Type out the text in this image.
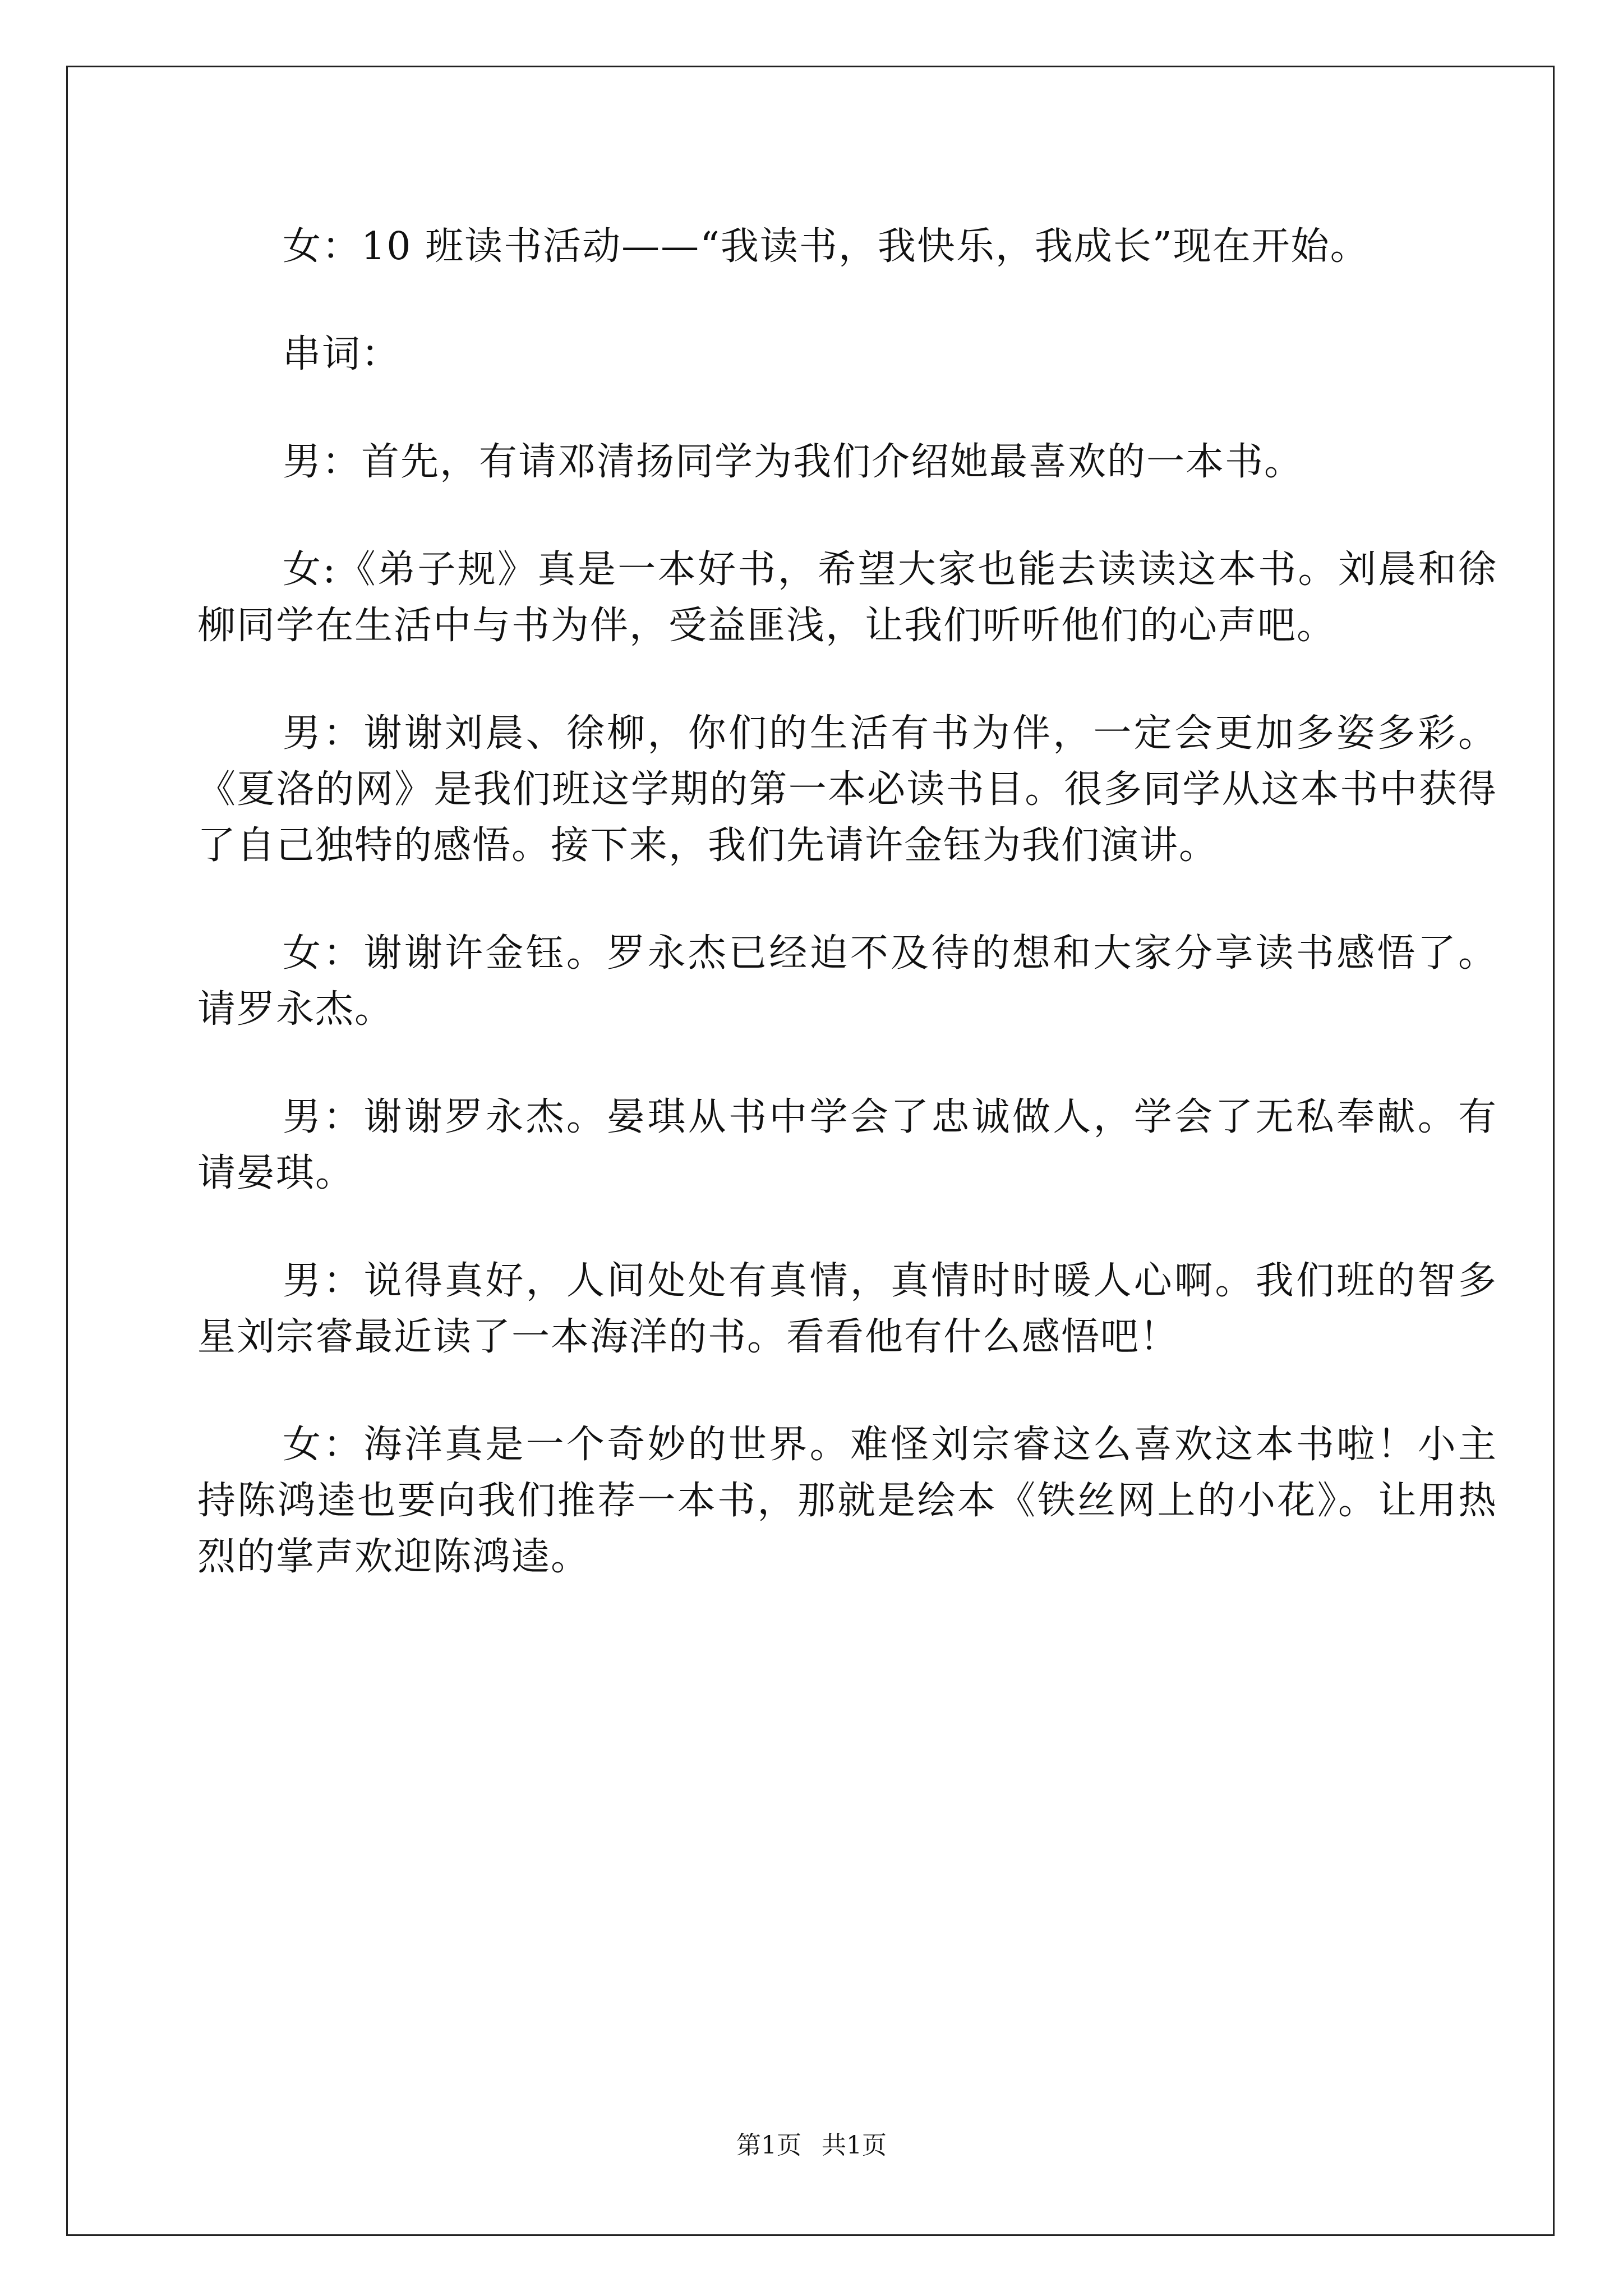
女：10 班读书活动——“我读书，我快乐，我成长”现在开始。

串词：

男：首先，有请邓清扬同学为我们介绍她最喜欢的一本书。

女:《弟子规》真是一本好书，希望大家也能去读读这本书。刘晨和徐柳同学在生活中与书为伴，受益匪浅，让我们听听他们的心声吧。

男：谢谢刘晨、徐柳，你们的生活有书为伴，一定会更加多姿多彩。《夏洛的网》是我们班这学期的第一本必读书目。很多同学从这本书中获得了自己独特的感悟。接下来，我们先请许金钰为我们演讲。

女：谢谢许金钰。罗永杰已经迫不及待的想和大家分享读书感悟了。请罗永杰。

男：谢谢罗永杰。晏琪从书中学会了忠诚做人，学会了无私奉献。有请晏琪。

男：说得真好，人间处处有真情，真情时时暖人心啊。我们班的智多星刘宗睿最近读了一本海洋的书。看看他有什么感悟吧！

女：海洋真是一个奇妙的世界。难怪刘宗睿这么喜欢这本书啦！小主持陈鸿逵也要向我们推荐一本书，那就是绘本《铁丝网上的小花》。让用热烈的掌声欢迎陈鸿逵。

第1页 共1页
